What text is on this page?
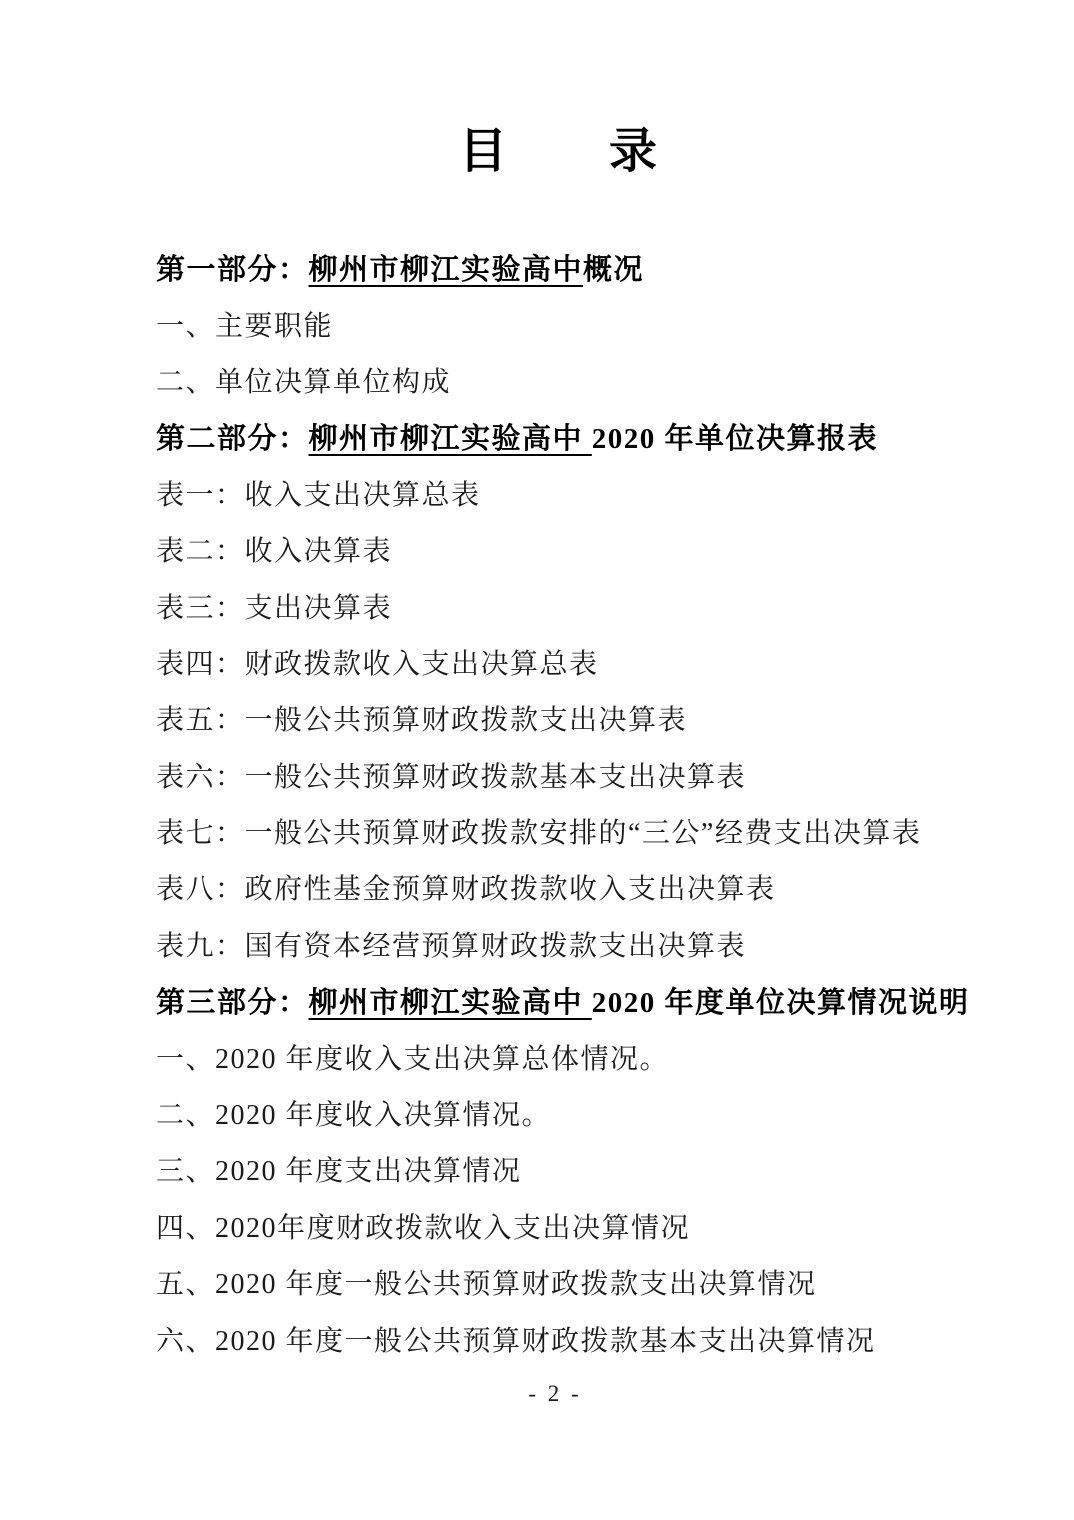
目　　录
第一部分： 柳州市柳江实验高中 概况
一、主要职能
二、单位决算单位构成
第二部分： 柳州市柳江实验高中 2020 年单位决算报表
表一：收入支出决算总表
表二：收入决算表
表三：支出决算表
表四：财政拨款收入支出决算总表
表五：一般公共预算财政拨款支出决算表
表六：一般公共预算财政拨款基本支出决算表
表七：一般公共预算财政拨款安排的“三公”经费支出决算表
表八：政府性基金预算财政拨款收入支出决算表
表九：国有资本经营预算财政拨款支出决算表
第三部分： 柳州市柳江实验高中 2020 年度单位决算情况说明
一、2020 年度收入支出决算总体情况。
二、2020 年度收入决算情况。
三、2020 年度支出决算情况
四、2020年度财政拨款收入支出决算情况
五、2020 年度一般公共预算财政拨款支出决算情况
六、2020 年度一般公共预算财政拨款基本支出决算情况
- 2 -
